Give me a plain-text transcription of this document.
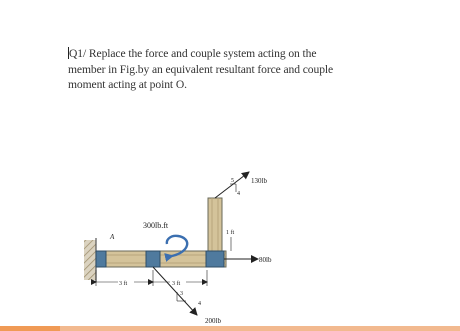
Q1/ Replace the force and couple system acting on the
member in Fig.by an equivalent resultant force and couple
moment acting at point O.
A
300lb.ft
130lb
5
4
1 ft
80lb
200lb
3
4
3 ft	3 ft
